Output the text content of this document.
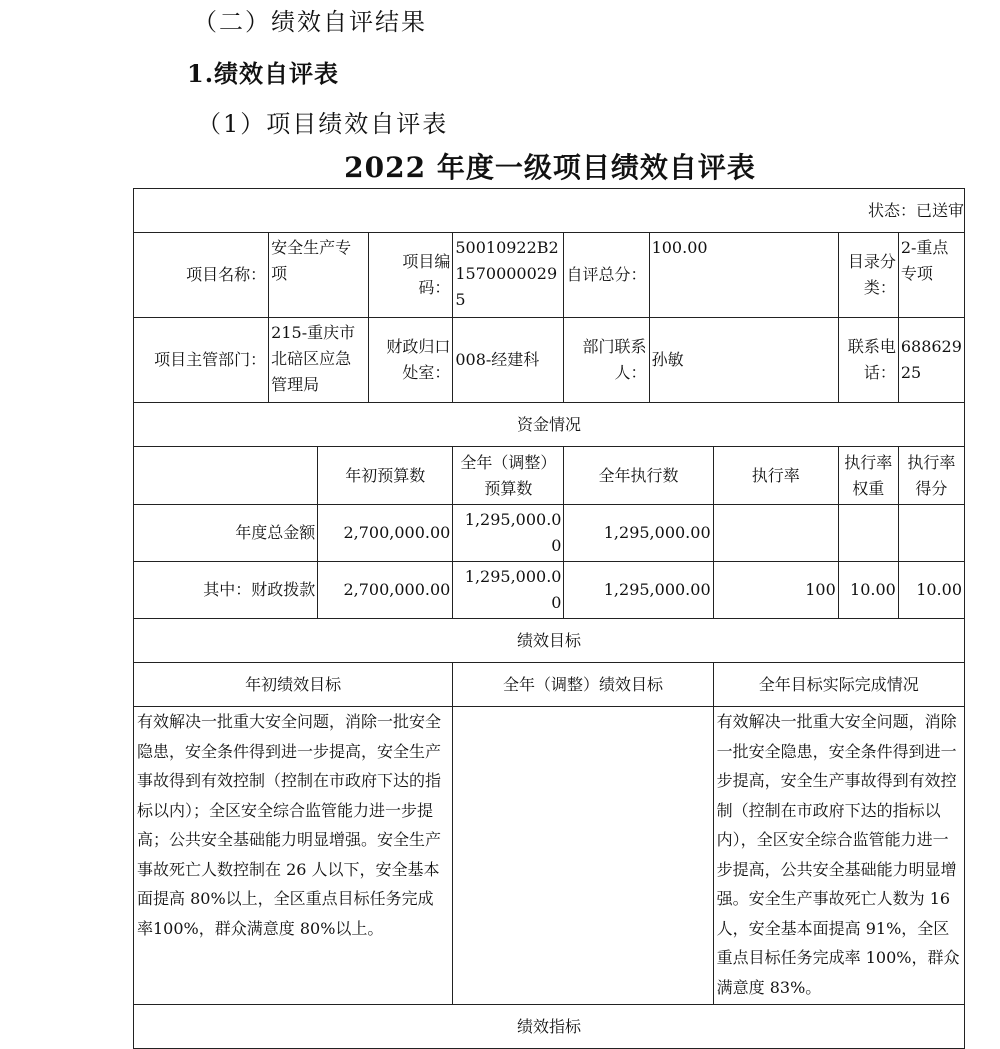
（二）绩效自评结果
1.绩效自评表
（1）项目绩效自评表
2022 年度一级项目绩效自评表
状态：已送审									
项目名称：	安全生产专项		项目编码：	50010922B215700000295	自评总分：	100.00		目录分类：	2-重点专项
项目主管部门：	215-重庆市北碚区应急管理局		财政归口处室：	008-经建科	部门联系人：	孙敏		联系电话：	68862925
资金情况									
		年初预算数		全年（调整）预算数	全年执行数		执行率	执行率权重	执行率得分
年度总金额		2,700,000.00		1,295,000.00	1,295,000.00				
其中：财政拨款		2,700,000.00		1,295,000.00	1,295,000.00		100	10.00	10.00
绩效目标									
年初绩效目标				全年（调整）绩效目标			全年目标实际完成情况		
有效解决一批重大安全问题，消除一批安全隐患，安全条件得到进一步提高，安全生产事故得到有效控制（控制在市政府下达的指标以内）；全区安全综合监管能力进一步提高；公共安全基础能力明显增强。安全生产事故死亡人数控制在 26 人以下，安全基本面提高 80%以上，全区重点目标任务完成率100%，群众满意度 80%以上。							有效解决一批重大安全问题，消除一批安全隐患，安全条件得到进一步提高，安全生产事故得到有效控制（控制在市政府下达的指标以内），全区安全综合监管能力进一步提高，公共安全基础能力明显增强。安全生产事故死亡人数为 16 人，安全基本面提高 91%，全区重点目标任务完成率 100%，群众满意度 83%。		
绩效指标									
